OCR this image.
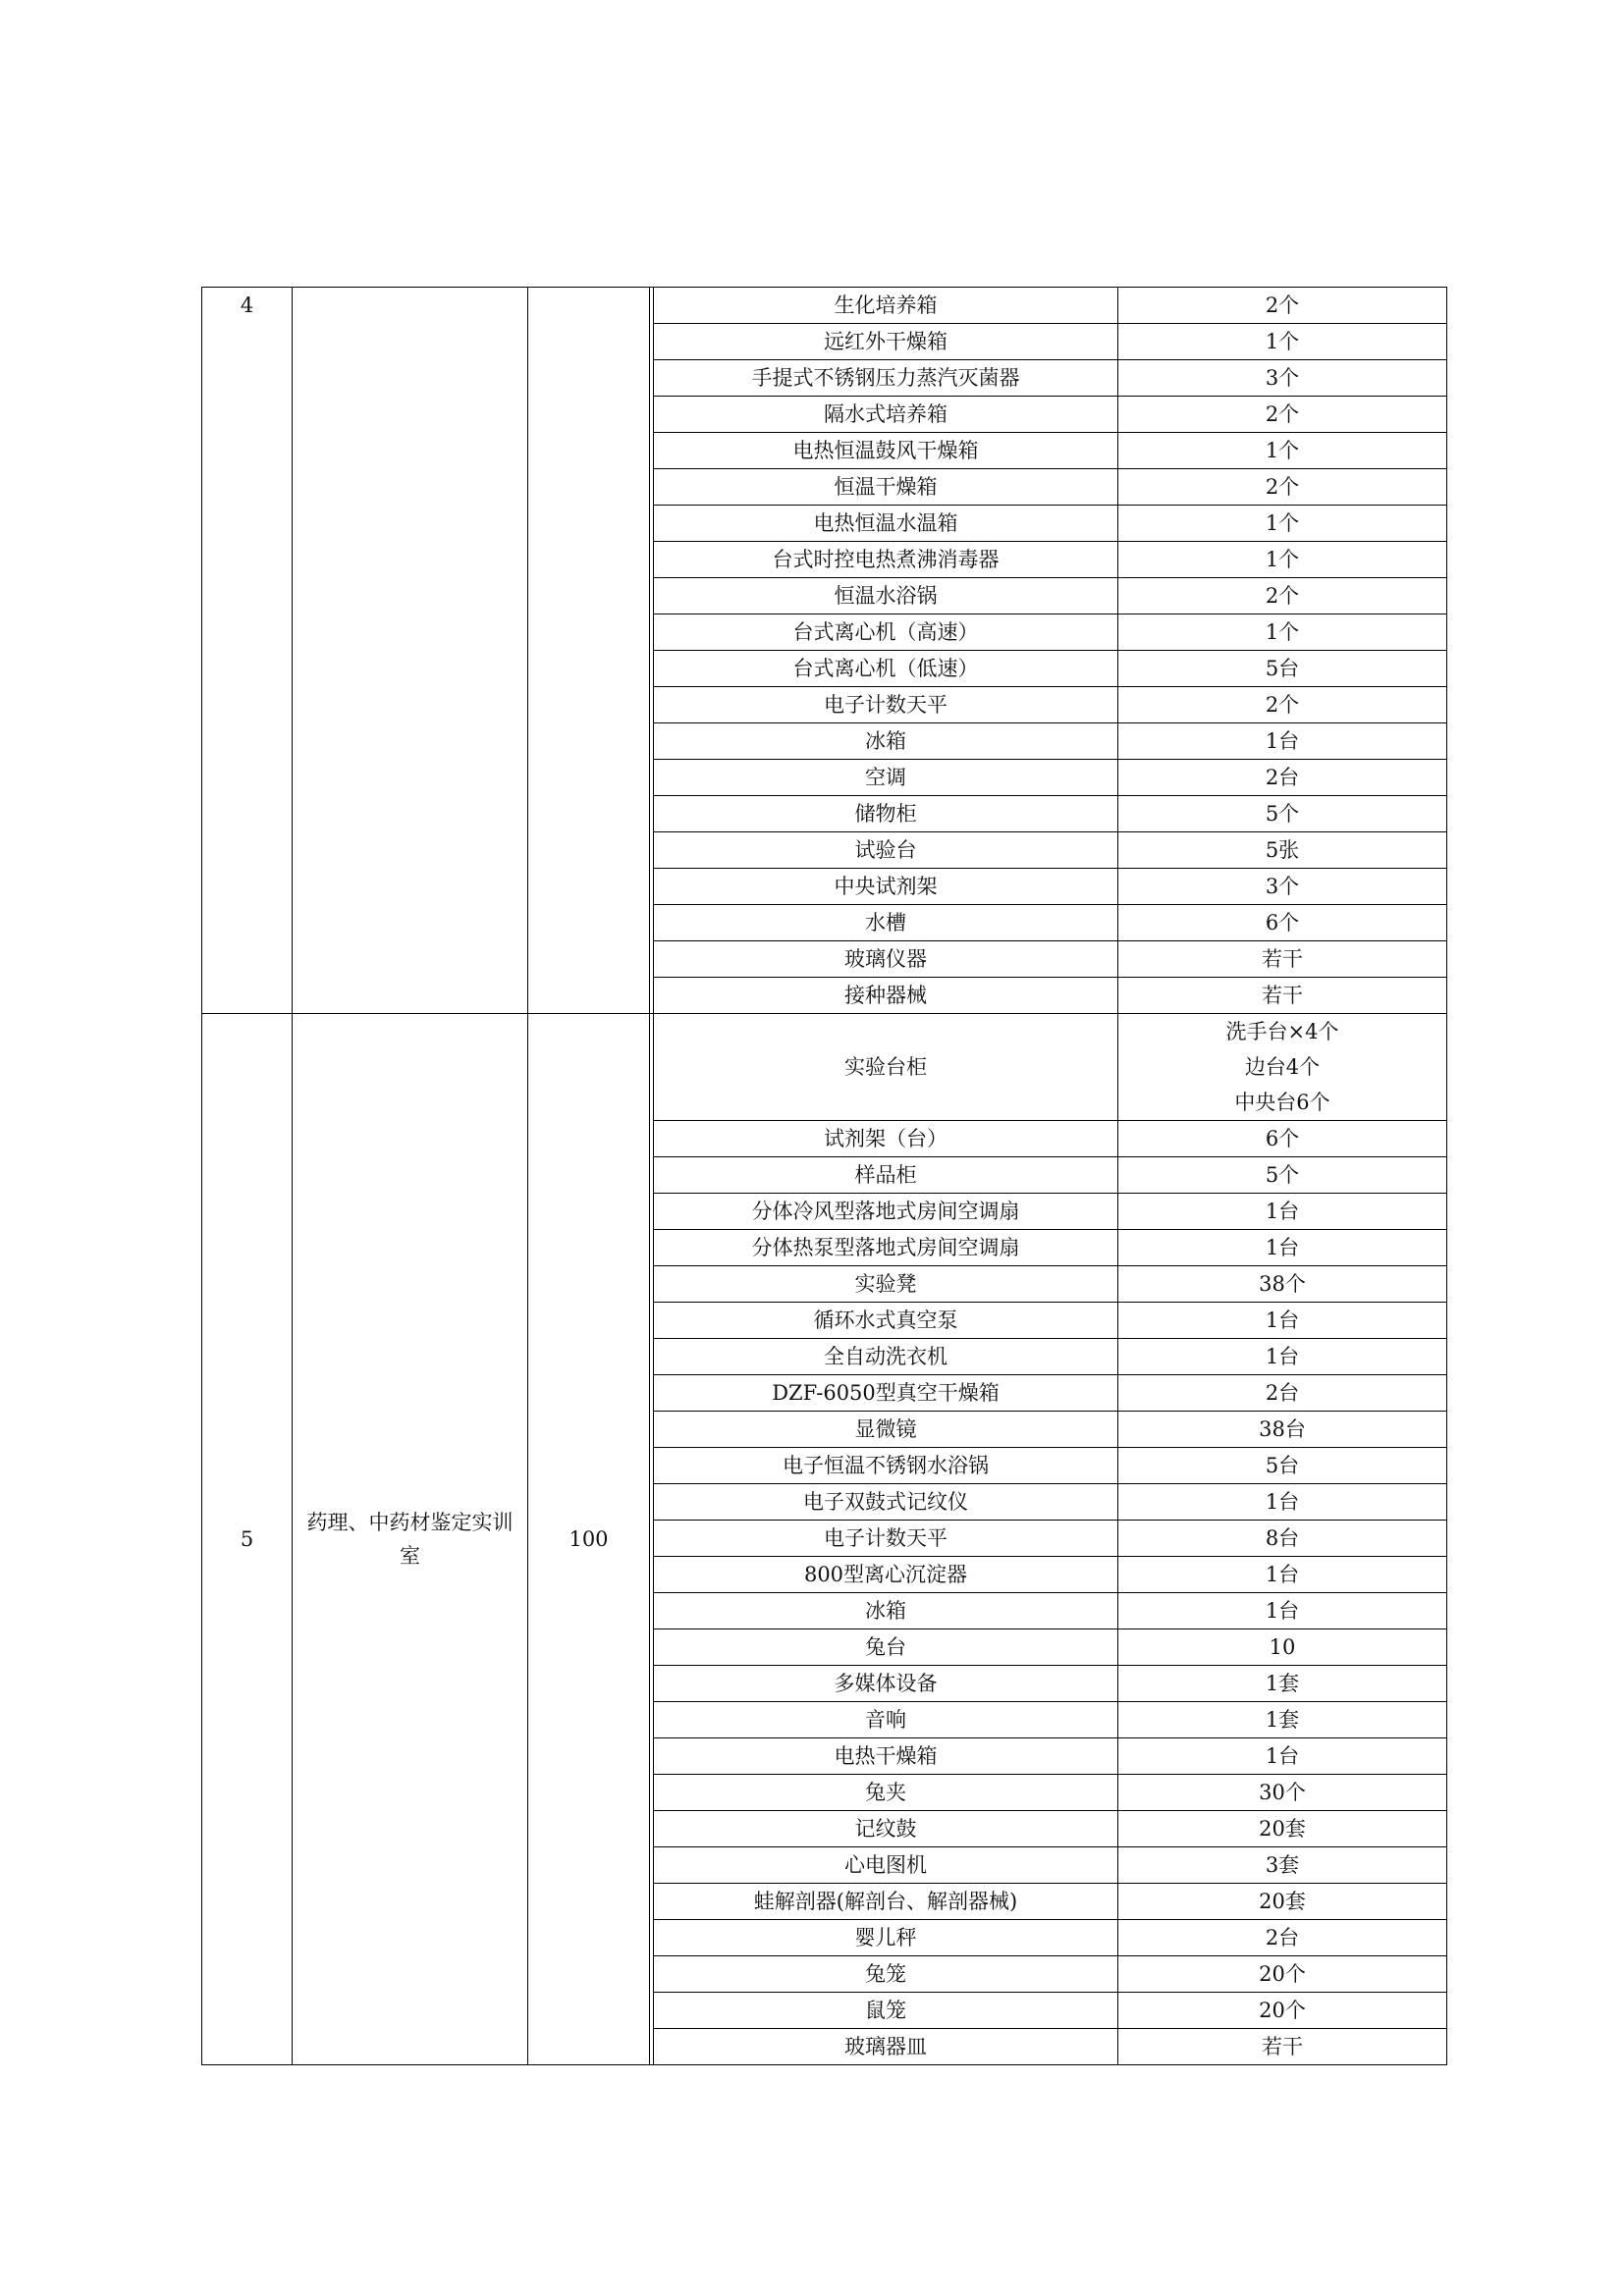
4				生化培养箱	2个
				远红外干燥箱	1个
				手提式不锈钢压力蒸汽灭菌器	3个
				隔水式培养箱	2个
				电热恒温鼓风干燥箱	1个
				恒温干燥箱	2个
				电热恒温水温箱	1个
				台式时控电热煮沸消毒器	1个
				恒温水浴锅	2个
				台式离心机（高速）	1个
				台式离心机（低速）	5台
				电子计数天平	2个
				冰箱	1台
				空调	2台
				储物柜	5个
				试验台	5张
				中央试剂架	3个
				水槽	6个
				玻璃仪器	若干
				接种器械	若干
5	药理、中药材鉴定实训室	100		实验台柜	洗手台×4个
边台4个
中央台6个

				试剂架（台）	6个
				样品柜	5个
				分体冷风型落地式房间空调扇	1台
				分体热泵型落地式房间空调扇	1台
				实验凳	38个
				循环水式真空泵	1台
				全自动洗衣机	1台
				DZF-6050型真空干燥箱	2台
				显微镜	38台
				电子恒温不锈钢水浴锅	5台
				电子双鼓式记纹仪	1台
				电子计数天平	8台
				800型离心沉淀器	1台
				冰箱	1台
				兔台	10
				多媒体设备	1套
				音响	1套
				电热干燥箱	1台
				兔夹	30个
				记纹鼓	20套
				心电图机	3套
				蛙解剖器(解剖台、解剖器械)	20套
				婴儿秤	2台
				兔笼	20个
				鼠笼	20个
				玻璃器皿	若干
